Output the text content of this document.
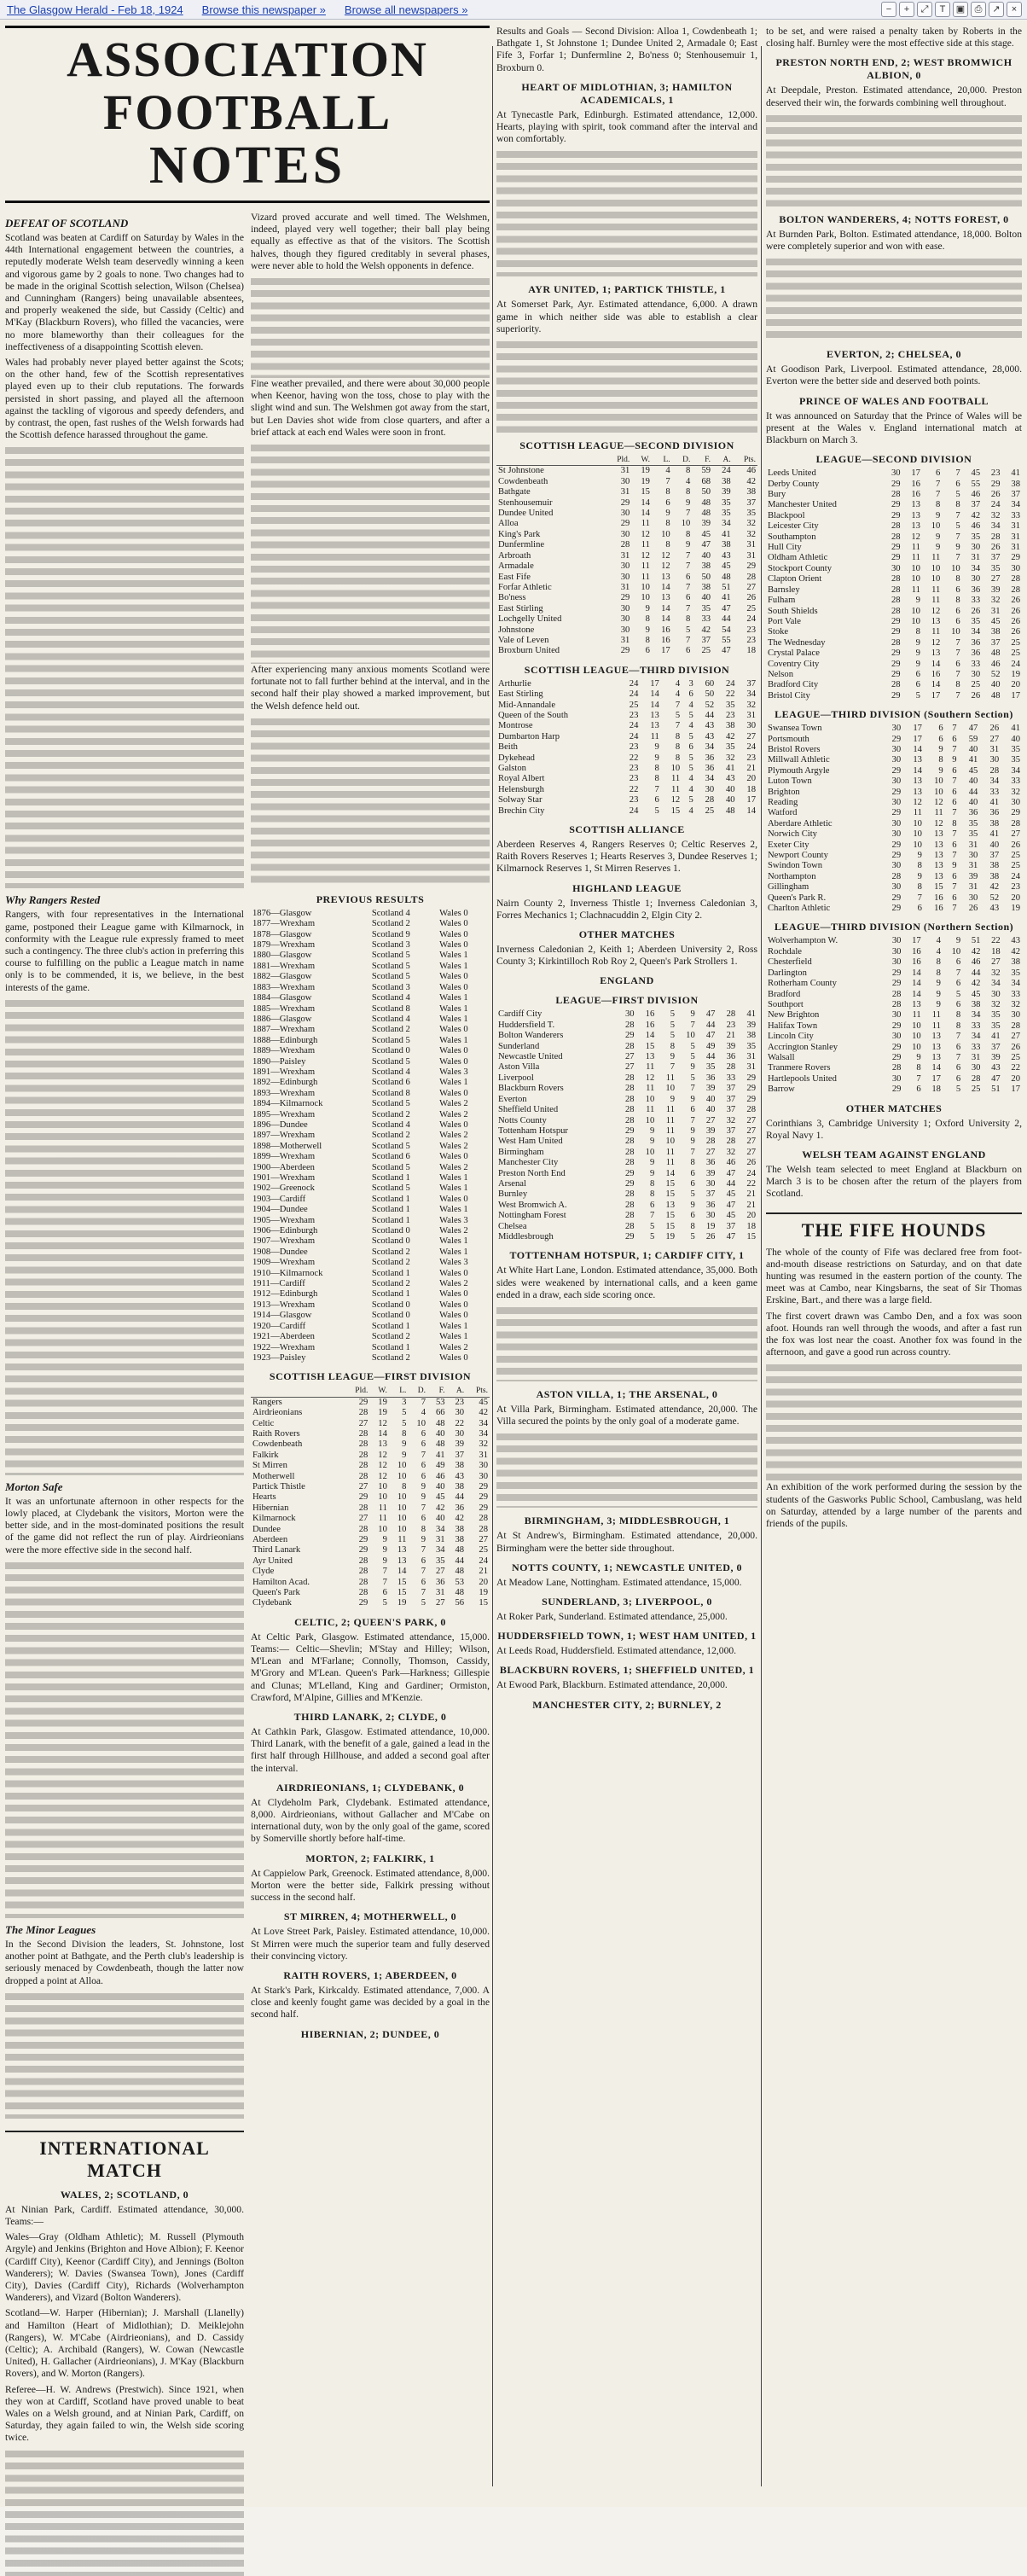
The Glasgow Herald - Feb 18, 1924 Browse this newspaper » Browse all newspapers »	−	+	⤢	T	▣	⎙	↗	×
ASSOCIATION FOOTBALL
NOTES
DEFEAT OF SCOTLAND

Scotland was beaten at Cardiff on Saturday by Wales in the 44th International engagement between the countries, a reputedly moderate Welsh team deservedly winning a keen and vigorous game by 2 goals to none. Two changes had to be made in the original Scottish selection, Wilson (Chelsea) and Cunningham (Rangers) being unavailable absentees, and properly weakened the side, but Cassidy (Celtic) and M'Kay (Blackburn Rovers), who filled the vacancies, were no more blameworthy than their colleagues for the ineffectiveness of a disappointing Scottish eleven.

Wales had probably never played better against the Scots; on the other hand, few of the Scottish representatives played even up to their club reputations. The forwards persisted in short passing, and played all the afternoon against the tackling of vigorous and speedy defenders, and by contrast, the open, fast rushes of the Welsh forwards had the Scottish defence harassed throughout the game.

Why Rangers Rested

Rangers, with four representatives in the International game, postponed their League game with Kilmarnock, in conformity with the League rule expressly framed to meet such a contingency. The three club's action in preferring this course to fulfilling on the public a League match in name only is to be commended, it is, we believe, in the best interests of the game.

Morton Safe

It was an unfortunate afternoon in other respects for the lowly placed, at Clydebank the visitors, Morton were the better side, and in the most-dominated positions the result of the game did not reflect the run of play. Airdrieonians were the more effective side in the second half.

The Minor Leagues

In the Second Division the leaders, St. Johnstone, lost another point at Bathgate, and the Perth club's leadership is seriously menaced by Cowdenbeath, though the latter now dropped a point at Alloa.

INTERNATIONAL MATCH
WALES, 2; SCOTLAND, 0

At Ninian Park, Cardiff. Estimated attendance, 30,000. Teams:—

Wales—Gray (Oldham Athletic); M. Russell (Plymouth Argyle) and Jenkins (Brighton and Hove Albion); F. Keenor (Cardiff City), Keenor (Cardiff City), and Jennings (Bolton Wanderers); W. Davies (Swansea Town), Jones (Cardiff City), Davies (Cardiff City), Richards (Wolverhampton Wanderers), and Vizard (Bolton Wanderers).

Scotland—W. Harper (Hibernian); J. Marshall (Llanelly) and Hamilton (Heart of Midlothian); D. Meiklejohn (Rangers), W. M'Cabe (Airdrieonians), and D. Cassidy (Celtic); A. Archibald (Rangers), W. Cowan (Newcastle United), H. Gallacher (Airdrieonians), J. M'Kay (Blackburn Rovers), and W. Morton (Rangers).

Referee—H. W. Andrews (Prestwich). Since 1921, when they won at Cardiff, Scotland have proved unable to beat Wales on a Welsh ground, and at Ninian Park, Cardiff, on Saturday, they again failed to win, the Welsh side scoring twice.

Vizard proved accurate and well timed. The Welshmen, indeed, played very well together; their ball play being equally as effective as that of the visitors. The Scottish halves, though they figured creditably in several phases, were never able to hold the Welsh opponents in defence.

Fine weather prevailed, and there were about 30,000 people when Keenor, having won the toss, chose to play with the slight wind and sun. The Welshmen got away from the start, but Len Davies shot wide from close quarters, and after a brief attack at each end Wales were soon in front.

After experiencing many anxious moments Scotland were fortunate not to fall further behind at the interval, and in the second half their play showed a marked improvement, but the Welsh defence held out.

PREVIOUS RESULTS
1876—Glasgow	Scotland 4	Wales 0
1877—Wrexham	Scotland 2	Wales 0
1878—Glasgow	Scotland 9	Wales 0
1879—Wrexham	Scotland 3	Wales 0
1880—Glasgow	Scotland 5	Wales 1
1881—Wrexham	Scotland 5	Wales 1
1882—Glasgow	Scotland 5	Wales 0
1883—Wrexham	Scotland 3	Wales 0
1884—Glasgow	Scotland 4	Wales 1
1885—Wrexham	Scotland 8	Wales 1
1886—Glasgow	Scotland 4	Wales 1
1887—Wrexham	Scotland 2	Wales 0
1888—Edinburgh	Scotland 5	Wales 1
1889—Wrexham	Scotland 0	Wales 0
1890—Paisley	Scotland 5	Wales 0
1891—Wrexham	Scotland 4	Wales 3
1892—Edinburgh	Scotland 6	Wales 1
1893—Wrexham	Scotland 8	Wales 0
1894—Kilmarnock	Scotland 5	Wales 2
1895—Wrexham	Scotland 2	Wales 2
1896—Dundee	Scotland 4	Wales 0
1897—Wrexham	Scotland 2	Wales 2
1898—Motherwell	Scotland 5	Wales 2
1899—Wrexham	Scotland 6	Wales 0
1900—Aberdeen	Scotland 5	Wales 2
1901—Wrexham	Scotland 1	Wales 1
1902—Greenock	Scotland 5	Wales 1
1903—Cardiff	Scotland 1	Wales 0
1904—Dundee	Scotland 1	Wales 1
1905—Wrexham	Scotland 1	Wales 3
1906—Edinburgh	Scotland 0	Wales 2
1907—Wrexham	Scotland 0	Wales 1
1908—Dundee	Scotland 2	Wales 1
1909—Wrexham	Scotland 2	Wales 3
1910—Kilmarnock	Scotland 1	Wales 0
1911—Cardiff	Scotland 2	Wales 2
1912—Edinburgh	Scotland 1	Wales 0
1913—Wrexham	Scotland 0	Wales 0
1914—Glasgow	Scotland 0	Wales 0
1920—Cardiff	Scotland 1	Wales 1
1921—Aberdeen	Scotland 2	Wales 1
1922—Wrexham	Scotland 1	Wales 2
1923—Paisley	Scotland 2	Wales 0
SCOTTISH LEAGUE—FIRST DIVISION
	Pld.	W.	L.	D.	F.	A.	Pts.
Rangers	29	19	3	7	53	23	45
Airdrieonians	28	19	5	4	66	30	42
Celtic	27	12	5	10	48	22	34
Raith Rovers	28	14	8	6	40	30	34
Cowdenbeath	28	13	9	6	48	39	32
Falkirk	28	12	9	7	41	37	31
St Mirren	28	12	10	6	49	38	30
Motherwell	28	12	10	6	46	43	30
Partick Thistle	27	10	8	9	40	38	29
Hearts	29	10	10	9	45	44	29
Hibernian	28	11	10	7	42	36	29
Kilmarnock	27	11	10	6	40	42	28
Dundee	28	10	10	8	34	38	28
Aberdeen	29	9	11	9	31	38	27
Third Lanark	29	9	13	7	34	48	25
Ayr United	28	9	13	6	35	44	24
Clyde	28	7	14	7	27	48	21
Hamilton Acad.	28	7	15	6	36	53	20
Queen's Park	28	6	15	7	31	48	19
Clydebank	29	5	19	5	27	56	15
CELTIC, 2; QUEEN'S PARK, 0

At Celtic Park, Glasgow. Estimated attendance, 15,000. Teams:— Celtic—Shevlin; M'Stay and Hilley; Wilson, M'Lean and M'Farlane; Connolly, Thomson, Cassidy, M'Grory and M'Lean. Queen's Park—Harkness; Gillespie and Clunas; M'Lelland, King and Gardiner; Ormiston, Crawford, M'Alpine, Gillies and M'Kenzie.

THIRD LANARK, 2; CLYDE, 0

At Cathkin Park, Glasgow. Estimated attendance, 10,000. Third Lanark, with the benefit of a gale, gained a lead in the first half through Hillhouse, and added a second goal after the interval.

AIRDRIEONIANS, 1; CLYDEBANK, 0

At Clydeholm Park, Clydebank. Estimated attendance, 8,000. Airdrieonians, without Gallacher and M'Cabe on international duty, won by the only goal of the game, scored by Somerville shortly before half-time.

MORTON, 2; FALKIRK, 1

At Cappielow Park, Greenock. Estimated attendance, 8,000. Morton were the better side, Falkirk pressing without success in the second half.

ST MIRREN, 4; MOTHERWELL, 0

At Love Street Park, Paisley. Estimated attendance, 10,000. St Mirren were much the superior team and fully deserved their convincing victory.

RAITH ROVERS, 1; ABERDEEN, 0

At Stark's Park, Kirkcaldy. Estimated attendance, 7,000. A close and keenly fought game was decided by a goal in the second half.

HIBERNIAN, 2; DUNDEE, 0

Results and Goals — Second Division: Alloa 1, Cowdenbeath 1; Bathgate 1, St Johnstone 1; Dundee United 2, Armadale 0; East Fife 3, Forfar 1; Dunfermline 2, Bo'ness 0; Stenhousemuir 1, Broxburn 0.

HEART OF MIDLOTHIAN, 3; HAMILTON ACADEMICALS, 1

At Tynecastle Park, Edinburgh. Estimated attendance, 12,000. Hearts, playing with spirit, took command after the interval and won comfortably.

AYR UNITED, 1; PARTICK THISTLE, 1

At Somerset Park, Ayr. Estimated attendance, 6,000. A drawn game in which neither side was able to establish a clear superiority.

SCOTTISH LEAGUE—SECOND DIVISION
	Pld.	W.	L.	D.	F.	A.	Pts.
St Johnstone	31	19	4	8	59	24	46
Cowdenbeath	30	19	7	4	68	38	42
Bathgate	31	15	8	8	50	39	38
Stenhousemuir	29	14	6	9	48	35	37
Dundee United	30	14	9	7	48	35	35
Alloa	29	11	8	10	39	34	32
King's Park	30	12	10	8	45	41	32
Dunfermline	28	11	8	9	47	38	31
Arbroath	31	12	12	7	40	43	31
Armadale	30	11	12	7	38	45	29
East Fife	30	11	13	6	50	48	28
Forfar Athletic	31	10	14	7	38	51	27
Bo'ness	29	10	13	6	40	41	26
East Stirling	30	9	14	7	35	47	25
Lochgelly United	30	8	14	8	33	44	24
Johnstone	30	9	16	5	42	54	23
Vale of Leven	31	8	16	7	37	55	23
Broxburn United	29	6	17	6	25	47	18
SCOTTISH LEAGUE—THIRD DIVISION
Arthurlie	24	17	4	3	60	24	37
East Stirling	24	14	4	6	50	22	34
Mid-Annandale	25	14	7	4	52	35	32
Queen of the South	23	13	5	5	44	23	31
Montrose	24	13	7	4	43	38	30
Dumbarton Harp	24	11	8	5	43	42	27
Beith	23	9	8	6	34	35	24
Dykehead	22	9	8	5	36	32	23
Galston	23	8	10	5	36	41	21
Royal Albert	23	8	11	4	34	43	20
Helensburgh	22	7	11	4	30	40	18
Solway Star	23	6	12	5	28	40	17
Brechin City	24	5	15	4	25	48	14
SCOTTISH ALLIANCE

Aberdeen Reserves 4, Rangers Reserves 0; Celtic Reserves 2, Raith Rovers Reserves 1; Hearts Reserves 3, Dundee Reserves 1; Kilmarnock Reserves 1, St Mirren Reserves 1.

HIGHLAND LEAGUE

Nairn County 2, Inverness Thistle 1; Inverness Caledonian 3, Forres Mechanics 1; Clachnacuddin 2, Elgin City 2.

OTHER MATCHES

Inverness Caledonian 2, Keith 1; Aberdeen University 2, Ross County 3; Kirkintilloch Rob Roy 2, Queen's Park Strollers 1.

ENGLAND
LEAGUE—FIRST DIVISION
Cardiff City	30	16	5	9	47	28	41
Huddersfield T.	28	16	5	7	44	23	39
Bolton Wanderers	29	14	5	10	47	21	38
Sunderland	28	15	8	5	49	39	35
Newcastle United	27	13	9	5	44	36	31
Aston Villa	27	11	7	9	35	28	31
Liverpool	28	12	11	5	36	33	29
Blackburn Rovers	28	11	10	7	39	37	29
Everton	28	10	9	9	40	37	29
Sheffield United	28	11	11	6	40	37	28
Notts County	28	10	11	7	27	32	27
Tottenham Hotspur	29	9	11	9	39	37	27
West Ham United	28	9	10	9	28	28	27
Birmingham	28	10	11	7	27	32	27
Manchester City	28	9	11	8	36	46	26
Preston North End	29	9	14	6	39	47	24
Arsenal	29	8	15	6	30	44	22
Burnley	28	8	15	5	37	45	21
West Bromwich A.	28	6	13	9	36	47	21
Nottingham Forest	28	7	15	6	30	45	20
Chelsea	28	5	15	8	19	37	18
Middlesbrough	29	5	19	5	26	47	15
TOTTENHAM HOTSPUR, 1; CARDIFF CITY, 1

At White Hart Lane, London. Estimated attendance, 35,000. Both sides were weakened by international calls, and a keen game ended in a draw, each side scoring once.

ASTON VILLA, 1; THE ARSENAL, 0

At Villa Park, Birmingham. Estimated attendance, 20,000. The Villa secured the points by the only goal of a moderate game.

BIRMINGHAM, 3; MIDDLESBROUGH, 1

At St Andrew's, Birmingham. Estimated attendance, 20,000. Birmingham were the better side throughout.

NOTTS COUNTY, 1; NEWCASTLE UNITED, 0

At Meadow Lane, Nottingham. Estimated attendance, 15,000.

SUNDERLAND, 3; LIVERPOOL, 0

At Roker Park, Sunderland. Estimated attendance, 25,000.

HUDDERSFIELD TOWN, 1; WEST HAM UNITED, 1

At Leeds Road, Huddersfield. Estimated attendance, 12,000.

BLACKBURN ROVERS, 1; SHEFFIELD UNITED, 1

At Ewood Park, Blackburn. Estimated attendance, 20,000.

MANCHESTER CITY, 2; BURNLEY, 2

to be set, and were raised a penalty taken by Roberts in the closing half. Burnley were the most effective side at this stage.

PRESTON NORTH END, 2; WEST BROMWICH ALBION, 0

At Deepdale, Preston. Estimated attendance, 20,000. Preston deserved their win, the forwards combining well throughout.

BOLTON WANDERERS, 4; NOTTS FOREST, 0

At Burnden Park, Bolton. Estimated attendance, 18,000. Bolton were completely superior and won with ease.

EVERTON, 2; CHELSEA, 0

At Goodison Park, Liverpool. Estimated attendance, 28,000. Everton were the better side and deserved both points.

PRINCE OF WALES AND FOOTBALL

It was announced on Saturday that the Prince of Wales will be present at the Wales v. England international match at Blackburn on March 3.

LEAGUE—SECOND DIVISION
Leeds United	30	17	6	7	45	23	41
Derby County	29	16	7	6	55	29	38
Bury	28	16	7	5	46	26	37
Manchester United	29	13	8	8	37	24	34
Blackpool	29	13	9	7	42	32	33
Leicester City	28	13	10	5	46	34	31
Southampton	28	12	9	7	35	28	31
Hull City	29	11	9	9	30	26	31
Oldham Athletic	29	11	11	7	31	37	29
Stockport County	30	10	10	10	34	35	30
Clapton Orient	28	10	10	8	30	27	28
Barnsley	28	11	11	6	36	39	28
Fulham	28	9	11	8	33	32	26
South Shields	28	10	12	6	26	31	26
Port Vale	29	10	13	6	35	45	26
Stoke	29	8	11	10	34	38	26
The Wednesday	28	9	12	7	36	37	25
Crystal Palace	29	9	13	7	36	48	25
Coventry City	29	9	14	6	33	46	24
Nelson	29	6	16	7	30	52	19
Bradford City	28	6	14	8	25	40	20
Bristol City	29	5	17	7	26	48	17
LEAGUE—THIRD DIVISION (Southern Section)
Swansea Town	30	17	6	7	47	26	41
Portsmouth	29	17	6	6	59	27	40
Bristol Rovers	30	14	9	7	40	31	35
Millwall Athletic	30	13	8	9	41	30	35
Plymouth Argyle	29	14	9	6	45	28	34
Luton Town	30	13	10	7	40	34	33
Brighton	29	13	10	6	44	33	32
Reading	30	12	12	6	40	41	30
Watford	29	11	11	7	36	36	29
Aberdare Athletic	30	10	12	8	35	38	28
Norwich City	30	10	13	7	35	41	27
Exeter City	29	10	13	6	31	40	26
Newport County	29	9	13	7	30	37	25
Swindon Town	30	8	13	9	31	38	25
Northampton	28	9	13	6	39	38	24
Gillingham	30	8	15	7	31	42	23
Queen's Park R.	29	7	16	6	30	52	20
Charlton Athletic	29	6	16	7	26	43	19
LEAGUE—THIRD DIVISION (Northern Section)
Wolverhampton W.	30	17	4	9	51	22	43
Rochdale	30	16	4	10	42	18	42
Chesterfield	30	16	8	6	46	27	38
Darlington	29	14	8	7	44	32	35
Rotherham County	29	14	9	6	42	34	34
Bradford	28	14	9	5	45	30	33
Southport	28	13	9	6	38	32	32
New Brighton	30	11	11	8	34	35	30
Halifax Town	29	10	11	8	33	35	28
Lincoln City	30	10	13	7	34	41	27
Accrington Stanley	29	10	13	6	33	37	26
Walsall	29	9	13	7	31	39	25
Tranmere Rovers	28	8	14	6	30	43	22
Hartlepools United	30	7	17	6	28	47	20
Barrow	29	6	18	5	25	51	17
OTHER MATCHES

Corinthians 3, Cambridge University 1; Oxford University 2, Royal Navy 1.

WELSH TEAM AGAINST ENGLAND

The Welsh team selected to meet England at Blackburn on March 3 is to be chosen after the return of the players from Scotland.

THE FIFE HOUNDS

The whole of the county of Fife was declared free from foot-and-mouth disease restrictions on Saturday, and on that date hunting was resumed in the eastern portion of the county. The meet was at Cambo, near Kingsbarns, the seat of Sir Thomas Erskine, Bart., and there was a large field.

The first covert drawn was Cambo Den, and a fox was soon afoot. Hounds ran well through the woods, and after a fast run the fox was lost near the coast. Another fox was found in the afternoon, and gave a good run across country.

An exhibition of the work performed during the session by the students of the Gasworks Public School, Cambuslang, was held on Saturday, attended by a large number of the parents and friends of the pupils.
